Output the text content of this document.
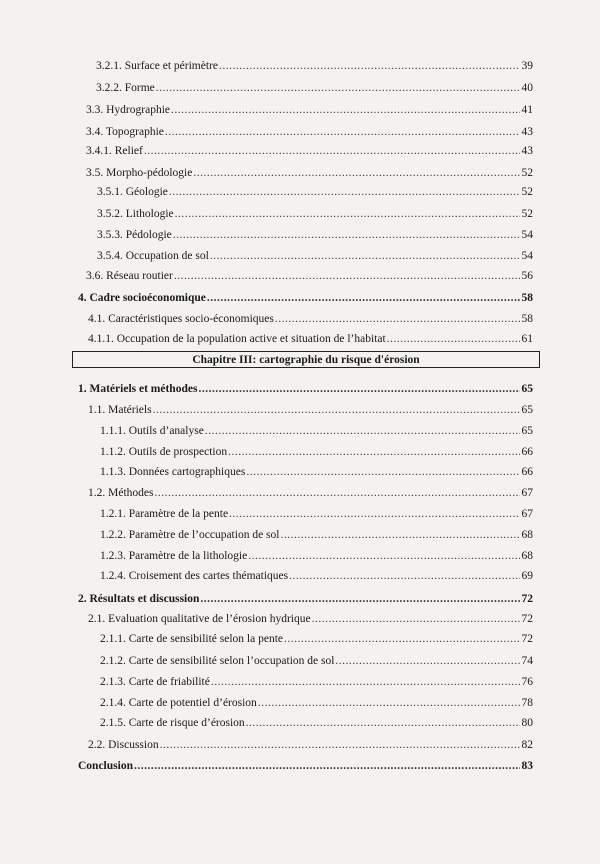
3.2.1. Surface et périmètre .....	39
3.2.2. Forme .....	40
3.3. Hydrographie .....	41
3.4. Topographie .....	43
3.4.1. Relief .....	43
3.5. Morpho-pédologie .....	52
3.5.1. Géologie .....	52
3.5.2. Lithologie .....	52
3.5.3. Pédologie .....	54
3.5.4. Occupation de sol .....	54
3.6. Réseau routier .....	56
4. Cadre socioéconomique .....	58
4.1. Caractéristiques socio-économiques .....	58
4.1.1. Occupation de la population active et situation de l’habitat .....	61
Chapitre III: cartographie du risque d'érosion
1. Matériels et méthodes .....	65
1.1. Matériels .....	65
1.1.1. Outils d’analyse .....	65
1.1.2. Outils de prospection .....	66
1.1.3. Données cartographiques .....	66
1.2. Méthodes .....	67
1.2.1. Paramètre de la pente .....	67
1.2.2. Paramètre de l’occupation de sol .....	68
1.2.3. Paramètre de la lithologie .....	68
1.2.4. Croisement des cartes thématiques .....	69
2. Résultats et discussion .....	72
2.1. Evaluation qualitative de l’érosion hydrique .....	72
2.1.1. Carte de sensibilité selon la pente .....	72
2.1.2. Carte de sensibilité selon l’occupation de sol .....	74
2.1.3. Carte de friabilité .....	76
2.1.4. Carte de potentiel d’érosion .....	78
2.1.5. Carte de risque d’érosion .....	80
2.2. Discussion .....	82
Conclusion .....	83
